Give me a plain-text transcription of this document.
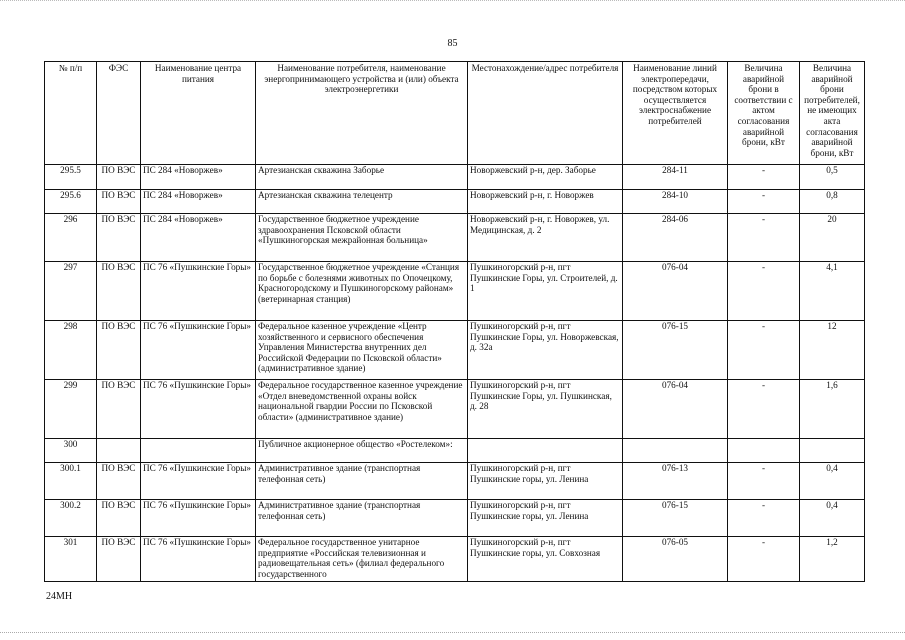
85
№ п/п	ФЭС	Наименование центра питания	Наименование потребителя, наименование энергопринимающего устройства и (или) объекта электроэнергетики	Местонахождение/адрес потребителя	Наименование линий электропередачи, посредством которых осуществляется электроснабжение потребителей	Величина аварийной брони в соответствии с актом согласования аварийной брони, кВт	Величина аварийной брони потребителей, не имеющих акта согласования аварийной брони, кВт
295.5	ПО ВЭС	ПС 284 «Новоржев»	Артезианская скважина Заборье	Новоржевский р-н, дер. Заборье	284-11	-	0,5
295.6	ПО ВЭС	ПС 284 «Новоржев»	Артезианская скважина телецентр	Новоржевский р-н, г. Новоржев	284-10	-	0,8
296	ПО ВЭС	ПС 284 «Новоржев»	Государственное бюджетное учреждение здравоохранения Псковской области «Пушкиногорская межрайонная больница»	Новоржевский р-н, г. Новоржев, ул. Медицинская, д. 2	284-06	-	20
297	ПО ВЭС	ПС 76 «Пушкинские Горы»	Государственное бюджетное учреждение «Станция по борьбе с болезнями животных по Опочецкому, Красногородскому и Пушкиногорскому районам» (ветеринарная станция)	Пушкиногорский р-н, пгт Пушкинские Горы, ул. Строителей, д. 1	076-04	-	4,1
298	ПО ВЭС	ПС 76 «Пушкинские Горы»	Федеральное казенное учреждение «Центр хозяйственного и сервисного обеспечения Управления Министерства внутренних дел Российской Федерации по Псковской области» (административное здание)	Пушкиногорский р-н, пгт Пушкинские Горы, ул. Новоржевская, д. 32а	076-15	-	12
299	ПО ВЭС	ПС 76 «Пушкинские Горы»	Федеральное государственное казенное учреждение «Отдел вневедомственной охраны войск национальной гвардии России по Псковской области» (административное здание)	Пушкиногорский р-н, пгт Пушкинские Горы, ул. Пушкинская, д. 28	076-04	-	1,6
300			Публичное акционерное общество «Ростелеком»:				
300.1	ПО ВЭС	ПС 76 «Пушкинские Горы»	Административное здание (транспортная телефонная сеть)	Пушкиногорский р-н, пгт Пушкинские горы, ул. Ленина	076-13	-	0,4
300.2	ПО ВЭС	ПС 76 «Пушкинские Горы»	Административное здание (транспортная телефонная сеть)	Пушкиногорский р-н, пгт Пушкинские горы, ул. Ленина	076-15	-	0,4
301	ПО ВЭС	ПС 76 «Пушкинские Горы»	Федеральное государственное унитарное предприятие «Российская телевизионная и радиовещательная сеть» (филиал федерального государственного	Пушкиногорский р-н, пгт Пушкинские горы, ул. Совхозная	076-05	-	1,2
24МН
